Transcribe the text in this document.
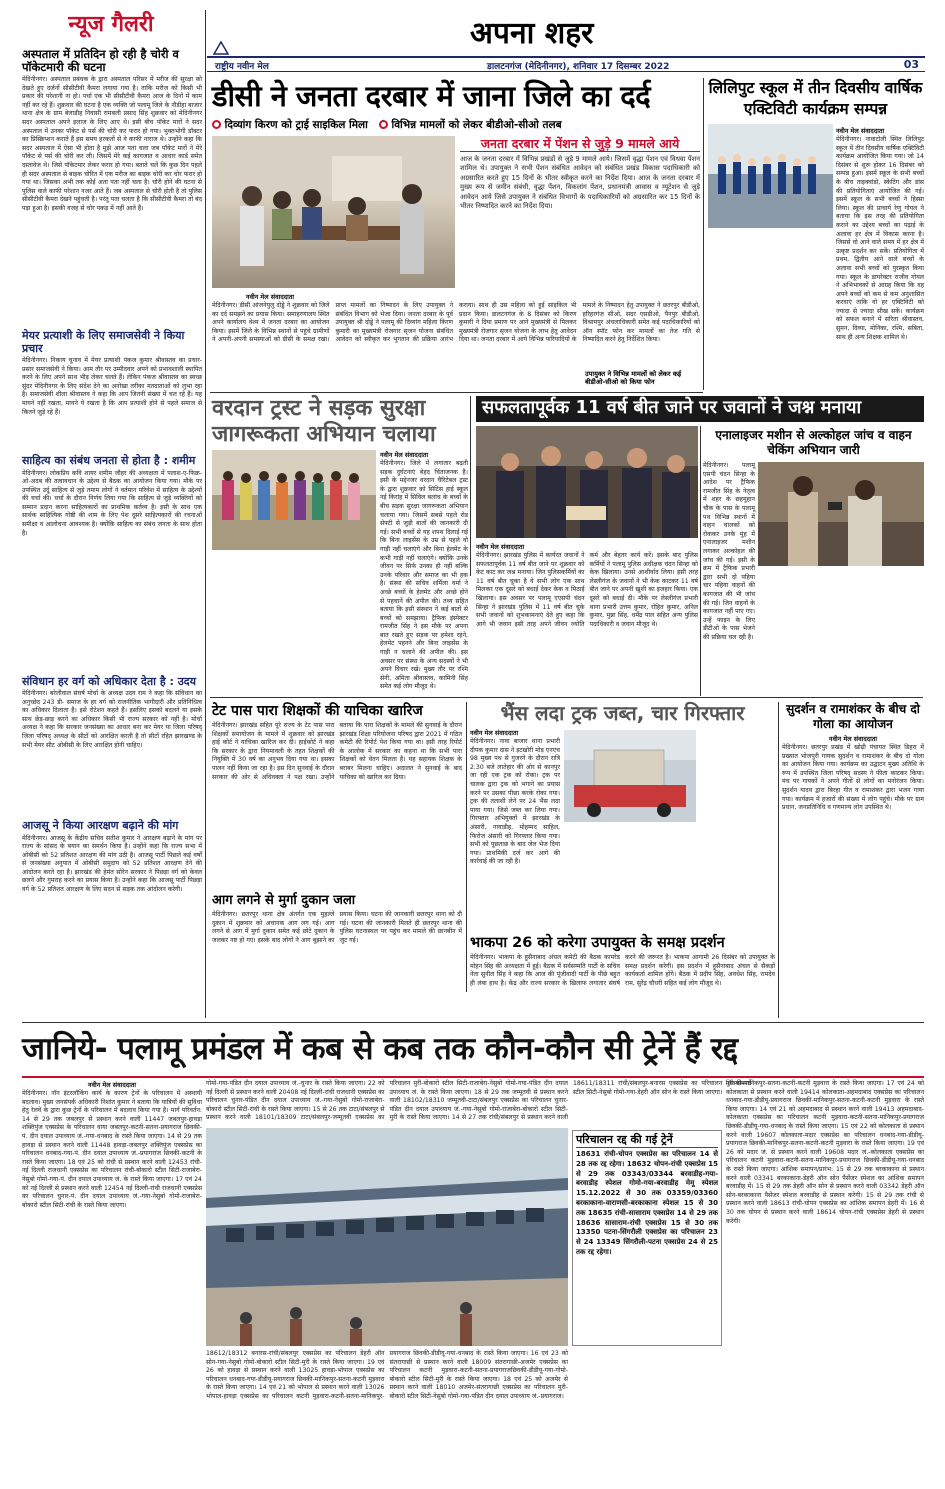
न्यूज गैलरी	अपना शहर
राष्ट्रीय नवीन मेल	डालटनगंज (मेदिनीनगर), शनिवार 17 दिसम्बर 2022	03
अस्पताल में प्रतिदिन हो रही है चोरी व पॉकेटमारी की घटना
मेदिनीनगर। अस्पताल प्रबंधक के द्वारा अस्पताल परिसर में मरीज की सुरक्षा को देखते हुए दर्जनों सीसीटीवी कैमरा लगाया गया है। ताकि मरीज को किसी भी प्रकार की परेशानी ना हो। पर्चा एक भी सीसीटीवी कैमरा आज के दिनों में काम नहीं कर रहे हैं। शुक्रवार की घटना है एक व्यक्ति जो पलामू जिले के नौडीहा बाजार थाना क्षेत्र के ग्राम बेलाडीह निवासी रामबली प्रसाद सिंह शुक्रवार को मेदिनीनगर सदर अस्पताल अपने इलाज के लिए आए थे। इसी बीच पॉकेट मारों ने सदर अस्पताल में उनका पॉकेट से पर्स की चोरी कर फरार हो गया। भुक्तभोगी डॉक्टर का प्रिस्क्रिप्शन कराते हैं इस समय हरकतों से वे काफी नाराज थे। उन्होंने कहा कि सदर अस्पताल में ऐसा भी होता है मुझे आज पता चला जब पॉकेट मारों ने मेरे पॉकेट से पर्स की चोरी कर ली। जिसमें मेरे कई कागजात व आधार कार्ड समेत दस्तावेज थे। जिसे पॉकेटमार लेकर फरार हो गया। बताते चलें कि कुछ दिन पहले ही सदर अस्पताल से बाइक चोरित में एक मरीज का बाइक चोरी कर चोर फरार हो गया था। जिसका अभी तक कोई अता पता नहीं चला है। चोरी होने की घटना से पुलिस वाले काफी परेशान नजर आते हैं। जब अस्पताल से चोरी होती है तो पुलिस सीसीटीवी कैमरा देखने पहुंचती है। परंतु पता चलता है कि सीसीटीवी कैमरा तो बंद पड़ा हुआ है। इसकी वजह से चोर पकड़ में नहीं आते हैं।
मेयर प्रत्याशी के लिए समाजसेवी ने किया प्रचार
मेदिनीनगर। निकाय चुनाव में मेयर प्रत्याशी पंकज कुमार श्रीवास्तव का प्रचार-प्रसार समाजसेवी ने किया। आम तौर पर उम्मीदवार अपने को प्रभावशाली स्थापित करने के लिए अपने साथ भीड़ लेकर चलते हैं। लेकिन पंकज श्रीवास्तव का स्वच्छ सुंदर मेदिनीनगर के लिए संदेश देने का अनोखा तरीका मतदाताओं को लुभा रहा है। समाजसेवी शीला श्रीवास्तव ने कहा कि आप जितनी संख्या में चल रहे हैं। यह मायने नहीं रखता, मायने ये रखता है कि आप प्रत्याशी होने से पहले समाज से कितने जुड़े रहे हैं।
साहित्य का संबंध जनता से होता है : शमीम
मेदिनीनगर। लोकप्रिय कवि शायर शमीम जौहर की अध्यक्षता में पलाश-ए-फिक्र-ओ-अदब की तत्वावधान के उद्देश्य से बैठक का आयोजन किया गया। मौके पर उपस्थित उर्दू साहित्य से जुड़े तमाम लोगों ने वर्तमान परिवेश में साहित्य के उद्देश्यों की चर्चा की। चर्चा के दौरान निर्णय लिया गया कि साहित्य से जुड़े व्यक्तियों को सम्मान प्रदान करना साहित्यकारों का प्राथमिक कर्तव्य है। इसी के साथ एक सार्थक साहित्यिक गोष्ठी की शाम के लिए पेश दूसरे साहित्यकारों की रचनाओं समीक्षा व आलोचना आवश्यक है। क्योंकि साहित्य का संबंध जनता के साथ होता है।
संविधान हर वर्ग को अधिकार देता है : उदय
मेदिनीनगर। बरेलीवाल संघर्ष मोर्चा के अध्यक्ष उदय राम ने कहा कि संविधान का अनुच्छेद 243 डी- समाज के हर वर्ग को राजनीतिक भागीदारी और प्रतिनिधित्व का अधिकार दिलाता है। इसे रोटेशन कहते हैं। इसलिए इसको बदलने या इसके साथ छेड़-छाड़ करने का अधिकार किसी भी राज्य सरकार को नहीं है। मोर्चा अध्यक्ष ने कहा कि सरकार जनसंख्या का आधार बना कर मेयर या जिला परिषद् जिला परिषद् अध्यक्ष के सीटों को आरक्षित करती है तो सीटों रहित झारखण्ड के सभी मेयर सीट ओबीसी के लिए आरक्षित होनी चाहिए।
आजसू ने किया आरक्षण बढ़ाने की मांग
मेदिनीनगर। आजसू के केंद्रीय सचिव सतीश कुमार ने आरक्षण बढ़ाने के मांग पर राज्य के सांसद के बयान का समर्थन किया है। उन्होंने कहा कि राज्य सभा में ओबीसी को 52 प्रतिशत आरक्षण की मांग उठी है। आजसू पार्टी पिछले कई वर्षों से जनसंख्या अनुपात में ओबीसी समुदाय को 52 प्रतिशत आरक्षण देने की आंदोलन करते रहा है। झारखंड की हेमंत सोरेन सरकार ने पिछड़ा वर्ग को केवल छलने और गुमराह करने का प्रयास किया है। उन्होंने कहा कि आजसू पार्टी पिछड़ा वर्ग के 52 प्रतिशत आरक्षण के लिए सदन से सड़क तक आंदोलन करेगी।
डीसी ने जनता दरबार में जाना जिले का दर्द
दिव्यांग किरण को ट्राई साइकिल मिला विभिन्न मामलों को लेकर बीडीओ-सीओ तलब
जनता दरबार में पेंशन से जुड़े 9 मामले आये
आज के जनता दरबार में विभिन्न प्रखंडों से जुड़े 9 मामले आये। जिसमें वृद्धा पेंशन एवं विधवा पेंशन शामिल थे। उपायुक्त ने सभी पेंशन संबंधित आवेदन को संबंधित प्रखंड विकास पदाधिकारी को अग्रसारित करते हुए 15 दिनों के भीतर स्वीकृत करने का निर्देश दिया। आज के जनता दरबार में मुख्य रूप से जमीन संबंधी, वृद्धा पेंशन, विकलांग पेंशन, प्रधानमंत्री आवास व म्यूटेशन से जुड़े आवेदन आये जिसे उपायुक्त ने संबंधित विभागों के पदाधिकारियों को अग्रसारित कर 15 दिनों के भीतर निष्पादित करने का निर्देश दिया।
नवीन मेल संवाददाता
मेदिनीनगर। डीसी आंजनेयुलु दोड्डे ने शुक्रवार को जिले का दर्द समझने का प्रयास किया। समाहरणालय स्थित अपने कार्यालय वेश्म में जनता दरबार का आयोजन किया। इसमें जिले के विभिन्न स्थानों से पहुंचे ग्रामीणों ने अपनी-अपनी समस्याओं को डीसी के समक्ष रखा। प्राप्त मामलों का निष्पादन के लिए उपायुक्त ने संबंधित विभाग को भेजा दिया। जनता दरबार के पूर्व उपायुक्त श्री दोड्डे ने पलामू की दिव्यांग महिला किरण कुमारी का मुख्यमंत्री रोजगार सृजन योजना संबंधित आवेदन को स्वीकृत कर भुगतान की प्रक्रिया आरंभ कराया। साथ ही उस महिला को हुई साइकिल भी प्रदान किया। डालटनगंज के 8 दिसंबर को किरण कुमारी ने दिया प्रमाण पर आने मुख्यमंत्री से मिलकर मुख्यमंत्री रोजगार सृजन योजना के लाभ हेतु आवेदन दिया था। जनता दरबार में आये विभिन्न फरियादियों के मामले के निष्पादन हेतु उपायुक्त ने छतरपुर बीडीओ, हरिहरगंज सीओ, सदर एसडीओ, पैनपुर बीडीओ, विश्रामपुर अंचलाधिकारी समेत कई पदाधिकारियों को ऑन स्पॉट फोन कर मामलों का तेज गति से निष्पादित करने हेतु निर्देशित किया।
उपायुक्त ने विभिन्न मामलों को लेकर कई बीडीओ-सीओ को किया फोन
लिलिपुट स्कूल में तीन दिवसीय वार्षिक एक्टिविटी कार्यक्रम सम्पन्न
नवीन मेल संवाददाता
मेदिनीनगर। नावाटोली स्थित लिलिपुट स्कूल में तीन दिवसीय वार्षिक एक्टिविटी कार्यक्रम आयोजित किया गया। जो 14 दिसंबर से शुरू होकर 16 दिसंबर को सम्पन्न हुआ। इसमें स्कूल के सभी बच्चों के बीच ताइक्वांडो, स्केटिंग और डांस की प्रतियोगिताएं आयोजित की गई। इसमें स्कूल के सभी बच्चों ने हिस्सा लिया। स्कूल की प्राचार्य रेणु गोयल ने बताया कि इस तरह की प्रतियोगिता कराने का उद्देश्य बच्चों का पढ़ाई के अलावा हर क्षेत्र में विकास करना है। जिससे वो आने वाले समय में हर क्षेत्र में उत्कृष्ट प्रदर्शन कर सकें। प्रतियोगिता में प्रथम, द्वितीय आने वाले बच्चों के अलावा सभी बच्चों को पुरस्कृत किया गया। स्कूल के डायरेक्टर राजीव गोयल ने अभिभावकों से आग्रह किया कि वह अपने बच्चों को कम से कम अनुशासित करवाएं ताकि वो हर एक्टिविटी को ज्यादा से ज्यादा सीख सकें। कार्यक्रम को सफल बनाने में सरिता श्रीवास्तव, सुमन, दिव्या, मोनिका, रश्मि, सबिता, साथ ही अन्य शिक्षक शामिल थे।
वरदान ट्रस्ट ने सड़क सुरक्षा जागरूकता अभियान चलाया
नवीन मेल संवाददाता
मेदिनीनगर। जिले में लगातार बढ़ती सड़क दुर्घटनाएं बेहद चिंताजनक है। इसी के मद्देनजर वरदान चैरिटेबल ट्रस्ट के द्वारा शुक्रवार को सिटिस हाई स्कूल नई किरांह में सिविल बलांच के बच्चों के बीच सड़क सुरक्षा जागरूकता अभियान चलाया गया। जिसमें सबसे पहले रोड सेफ्टी से जुड़ी बातों की जानकारी दी गई। सभी बच्चों से यह शपथ दिलाई गई कि बिना लाइसेंस के उम्र से पहले वो गाड़ी नहीं चलाएंगे और बिना हेलमेट के कभी गाड़ी नहीं चलाएंगे। क्योंकि उनके जीवन पर सिर्फ उनका ही नहीं बल्कि उनके परिवार और समाज का भी हक है। संस्था की सचिव शर्मिला वर्मा ने अच्छे बच्चों के हेलमेट और अच्छे होने से पहचानें की अपील की। तथ्य सहित बताया कि इसी संस्थान ने कई बातों से बच्चों को समझाया। ट्रैफिक इंस्पेक्टर रामजीत सिंह ने इस मौके पर अपना बात रखते हुए सड़क पर हमेशा रहने, हेलमेट पहनने और बिना लाइसेंस के गाड़ी न चलाने की अपील की। इस अवसर पर संस्था के अन्य सदस्यों ने भी अपने विचार रखे। मुख्य तौर पर रश्मि सेनी, अमिता श्रीवास्तव, कामिनी सिंह समेत कई लोग मौजूद थे।
सफलतापूर्वक 11 वर्ष बीत जाने पर जवानों ने जश्न मनाया
एनालाइजर मशीन से अल्कोहल जांच व वाहन चेकिंग अभियान जारी
मेदिनीनगर। पलामू एसपी चंदन सिन्हा के आदेश पर ट्रैफिक रामजीत सिंह के नेतृत्व में शहर के छहमुहान चौक के पास के पलामू पथ विभिन्न स्थानों में वाहन चालकों को रोककर उनके मुंह में एनालाइजर मशीन लगाकर अल्कोहल की जांच की गई। इसी के क्रम में ट्रैफिक प्रभारी द्वारा सभी दो पहिया चार पहिया वाहनों की कागजात की भी जांच की गई। जिन वाहनों के कागजात नहीं पाए गए। उन्हें फाइन के लिए डीटीओ के पास भेजने की प्रक्रिया चल रही है।
नवीन मेल संवाददाता
मेदिनीनगर। झारखंड पुलिस में कार्यरत जवानों ने सफलतापूर्वक 11 वर्ष बीत जाने पर शुक्रवार को केट काट कर जश्न मनाया। जिन पुलिसकर्मियों का 11 वर्ष बीत चुका है वे सभी लोग एक साथ मिलकर एक दूसरे को बधाई देकर केक व मिठाई खिलाया। इस अवसर पर पलामू एएसपी चंदन सिन्हा ने झारखंड पुलिस में 11 वर्ष बीत चुके सभी जवानों को शुभकामनाएं देते हुए कहा कि आगे भी जवान इसी तरह अपने जीवन ज्योति कर्म और बेहतर कार्य करें। इसके बाद पुलिस कर्मियों ने पलामू पुलिस अधीक्षक चंदन सिन्हा को केक खिलाया। उनसे आशीर्वाद लिया। इसी तरह लेस्लीगंज के जवानों ने भी केक काटकर 11 वर्ष बीत जाने पर अपनी खुशी का इजहार किया। एक दूसरे को बधाई दी। मौके पर लेस्लीगंज प्रभारी थाना प्रभारी उत्तम कुमार, रोहित कुमार, अनिल कुमार, मुन्ना सिंह, धर्मेंद्र पाल सहित अन्य पुलिस पदाधिकारी व जवान मौजूद थे।
टेट पास पारा शिक्षकों की याचिका खारिज
मेदिनीनगर। झारखंड सहित पूरे राज्य के टेट पास पारा शिक्षकों समायोजन के मामले में शुक्रवार को झारखंड हाई कोर्ट ने याचिका खारिज कर दी। हाईकोर्ट ने कहा कि सरकार के द्वारा नियमावली के तहत शिक्षकों की नियुक्ति में 30 वर्ष का अनुभव दिया गया था। इसका पालन नहीं किया जा रहा है। इस दिन सुनवाई के दौरान सरकार की ओर से अधिवक्ता ने पक्ष रखा। उन्होंने बताया कि पारा शिक्षकों के मामले की सुनवाई के दौरान झारखंड शिक्षा परियोजना परिषद द्वारा 2021 में गठित कमेटी की रिपोर्ट पेश किया गया था। इसी तरह रिपोर्ट के आलोक में सरकार का कहना था कि सभी पारा शिक्षकों को वेतन मिलता है। यह सहायक शिक्षक के बराबर मिलना चाहिए। अदालत ने सुनवाई के बाद याचिका को खारिज कर दिया।
आग लगने से मुर्गा दुकान जला
मेदिनीनगर। छतरपुर थाना क्षेत्र अंतर्गत एक मुहल्ले दुकान में शुक्रवार को अचानक आग लग गई। आग लगने से आग में मुर्गा दुकान समेत कई छोटे दुकान के जलकर नष्ट हो गए। इसके बाद लोगों ने आग बुझाने का प्रयास किया। घटना की जानकारी छतरपुर थाना को दी गई। घटना की जानकारी मिलते ही छतरपुर थाना की पुलिस घटनास्थल पर पहुंच कर मामले की छानबीन में जुट गई।
भैंस लदा ट्रक जब्त, चार गिरफ्तार
नवीन मेल संवाददाता
मेदिनीनगर। नावा बाजार थाना प्रभारी दीपक कुमार दास ने इटखोरी मोड़ एनएच 98 मुख्य पथ से गुजरने के दौरान रात्रि 2.30 बजे लातेहार की ओर से कानपुर जा रही एक ट्रक को रोका। ट्रक पर चालक द्वारा ट्रक को भगाने का प्रयास करने पर उसका पीछा करके रोका गया। ट्रक की तलाशी लेने पर 24 भैंस लदा पाया गया। जिसे जब्त कर लिया गया। गिरफ्तार अभियुक्तों में झारखंड के अंसारी, नावाडीह, मोहम्मद साहिल, फिरोज अंसारी को गिरफ्तार किया गया। सभी को पूछताछ के बाद जेल भेज दिया गया। प्राथमिकी दर्ज कर आगे की कार्रवाई की जा रही है।
भाकपा 26 को करेगा उपायुक्त के समक्ष प्रदर्शन
मेदिनीनगर। भाकपा के हुसैनाबाद अंचल कमेटी की बैठक कामरेड मोहन सिंह की अध्यक्षता में हुई। बैठक में सर्वसम्मति पार्टी के सचिव नेता सुनील सिंह ने कहा कि आज की पूंजीवादी पार्टी के पीछे बहुत ही लंबा हाथ है। केंद्र और राज्य सरकार के खिलाफ लगातार संघर्ष करने की जरूरत है। भाकपा आगामी 26 दिसंबर को उपायुक्त के समक्ष प्रदर्शन करेगी। इस प्रदर्शन में हुसैनाबाद अंचल से सैकड़ों कार्यकर्ता शामिल होंगे। बैठक में प्रदीप सिंह, अवधेश सिंह, रामदेव राम, सुरेंद्र चौधरी सहित कई लोग मौजूद थे।
सुदर्शन व रामाशंकर के बीच दो गोला का आयोजन
नवीन मेल संवाददाता
मेदिनीनगर। छतरपुर प्रखंड में खोढ़ी पंचायत स्थित डिहरा में प्रख्यात भोजपुरी गायक सुदर्शन व रामाशंकर के बीच दो गोला का आयोजन किया गया। कार्यक्रम का उद्घाटन मुख्य अतिथि के रूप में उपस्थित जिला परिषद् सदस्य ने फीता काटकर किया। मंच पर गायकों ने अपने गीतों से लोगों का मनोरंजन किया। सुदर्शन यादव द्वारा बिरहा गीत व रामाशंकर द्वारा भजन गाया गया। कार्यक्रम में हजारों की संख्या में लोग पहुंचे। मौके पर ग्राम प्रधान, जनप्रतिनिधि व गणमान्य लोग उपस्थित थे।
जानिये- पलामू प्रमंडल में कब से कब तक कौन-कौन सी ट्रेनें हैं रद्द
नवीन मेल संवाददाता
मेदिनीनगर। नॉन इंटरलॉकिंग कार्य के कारण ट्रेनों के परिचालन में अस्थायी बदलाव। मुख्य जनसंपर्क अधिकारी निशांत कुमार ने बताया कि यात्रियों की सुविधा हेतु रेलवे के द्वारा कुछ ट्रेनों के परिचालन में बदलाव किया गया है। मार्ग परिवर्तन: 14 से 29 तक जबलपुर से प्रस्थान करने वाली 11447 जबलपुर-हावड़ा शक्तिपुंज एक्सप्रेस के परिचालन वाया जबलपुर-कटनी-सतना-प्रयागराज छिवकी-पं. दीन दयाल उपाध्याय जं.-गया-धनबाद के रास्ते किया जाएगा। 14 से 29 तक हावड़ा से प्रस्थान करने वाली 11448 हावड़ा-जबलपुर शक्तिपुंज एक्सप्रेस का परिचालन धनबाद-गया-पं. दीन दयाल उपाध्याय जं.-प्रयागराज छिवकी-कटनी के रास्ते किया जाएगा। 18 एवं 25 को रांची से प्रस्थान करने वाली 12453 रांची-नई दिल्ली राजधानी एक्सप्रेस का परिचालन रांची-बोकारो स्टील सिटी-राजाबेरा-नेसुबो गोमो-गया-पं. दीन दयाल उपाध्याय जं. के रास्ते किया जाएगा। 17 एवं 24 को नई दिल्ली से प्रस्थान करने वाली 12454 नई दिल्ली-रांची राजधानी एक्सप्रेस का परिचालन चुनार-पं. दीन दयाल उपाध्याय जं.-गया-नेसुबो गोमो-राजाबेरा-बोकारो स्टील सिटी-रांची के रास्ते किया जाएगा।
गोमो-गया-पंडित दीन दयाल उपाध्याय जं.-चुनार के रास्ते किया जाएगा। 22 को नई दिल्ली से प्रस्थान करने वाली 20408 नई दिल्ली-रांची राजधानी एक्सप्रेस का परिचालन चुनार-पंडित दीन दयाल उपाध्याय जं.-गया-नेसुबो गोमो-राजाबेरा-बोकारो स्टील सिटी-रांची के रास्ते किया जाएगा। 15 से 26 तक टाटा/संबलपुर से प्रस्थान करने वाली 18101/18309 टाटा/संबलपुर-जम्मूतवी एक्सप्रेस का परिचालन मुरी-बोकारो स्टील सिटी-राजाबेरा-नेसुबो गोमो-गया-पंडित दीन दयाल उपाध्याय जं. के रास्ते किया जाएगा। 18 से 29 तक जम्मूतवी से प्रस्थान करने वाली 18102/18310 जम्मूतवी-टाटा/संबलपुर एक्सप्रेस का परिचालन चुनार-पंडित दीन दयाल उपाध्याय जं.-गया-नेसुबो गोमो-राजाबेरा-बोकारो स्टील सिटी-मुरी के रास्ते किया जाएगा। 14 से 27 तक रांची/संबलपुर से प्रस्थान करने वाली 18611/18311 रांची/संबलपुर-बनारस एक्सप्रेस का परिचालन मुरी-बोकारो स्टील सिटी-नेसुबो गोमो-गया-डेहरी ऑन सोन के रास्ते किया जाएगा।
18612/18312 बनारस-रांची/संबलपुर एक्सप्रेस का परिचालन डेहरी ऑन सोन-गया-नेसुबो गोमो-बोकारो स्टील सिटी-मुरी के रास्ते किया जाएगा। 19 एवं 26 को हावड़ा से प्रस्थान करने वाली 13025 हावड़ा-भोपाल एक्सप्रेस का परिचालन धनबाद-गया-डीडीयू-प्रयागराज छिवकी-मानिकपुर-सतना-कटनी मुड़वारा के रास्ते किया जाएगा। 14 एवं 21 को भोपाल से प्रस्थान करने वाली 13026 भोपाल-हावड़ा एक्सप्रेस का परिचालन कटनी मुड़वारा-कटनी-सतना-मानिकपुर-प्रयागराज छिवकी-डीडीयू-गया-धनबाद के रास्ते किया जाएगा। 16 एवं 23 को संतरागाछी से प्रस्थान करने वाली 18009 संतरागाछी-अजमेर एक्सप्रेस का परिचालन कटनी मुड़वारा-कटनी-सतना-प्रयागराजछिवकी-डीडीयू-गया-गोमो-बोकारो स्टील सिटी-मुरी के रास्ते किया जाएगा। 18 एवं 25 को अजमेर से प्रस्थान करने वाली 18010 अजमेर-संतरागाछी एक्सप्रेस का परिचालन मुरी-बोकारो स्टील सिटी-नेसुबो गोमो-गया-पंडित दीन दयाल उपाध्याय जं.-प्रयागराज।
परिचालन रद्द की गई ट्रेनें
18631 रांची-चोपन एक्सप्रेस का परिचालन 14 से 28 तक रद्द रहेगा। 18632 चोपन-रांची एक्सप्रेस 15 से 29 तक 03343/03344 बरवाडीह-गया-बरवाडीह स्पेशल गोमो-गया-बरवाडीह मेमू स्पेशल 15.12.2022 से 30 तक 03359/03360 बरकाकाना-वाराणसी-बरकाकाना स्पेशल 15 से 30 तक 18635 रांची-सासाराम एक्सप्रेस 14 से 29 तक 18636 सासाराम-रांची एक्सप्रेस 15 से 30 तक 13350 पटना-सिंगरौली एक्सप्रेस का परिचालन 23 से 24 13349 सिंगरौली-पटना एक्सप्रेस 24 से 25 तक रद्द रहेगा।
छिवकी-मानिकपुर-सतना-कटनी-कटनी मुड़वारा के रास्ते किया जाएगा। 17 एवं 24 को कोलकाता से प्रस्थान करने वाली 19414 कोलकाता-अहमदाबाद एक्सप्रेस का परिचालन धनबाद-गया-डीडीयू-प्रयागराज छिवकी-मानिकपुर-सतना-कटनी-कटनी मुड़वारा के रास्ते किया जाएगा। 14 एवं 21 को अहमदाबाद से प्रस्थान करने वाली 19413 अहमदाबाद-कोलकाता एक्सप्रेस का परिचालन कटनी मुड़वारा-कटनी-सतना-मानिकपुर-प्रयागराज छिवकी-डीडीयू-गया-धनबाद के रास्ते किया जाएगा। 15 एवं 22 को कोलकाता से प्रस्थान करने वाली 19607 कोलकाता-मदार एक्सप्रेस का परिचालन धनबाद-गया-डीडीयू-प्रयागराज छिवकी-मानिकपुर-सतना-कटनी-कटनी मुड़वारा के रास्ते किया जाएगा। 19 एवं 26 को मदार जं. से प्रस्थान करने वाली 19608 मदार जं.-कोलकाता एक्सप्रेस का परिचालन कटनी मुड़वारा-कटनी-सतना-मानिकपुर-प्रयागराज छिवकी-डीडीयू-गया-धनबाद के रास्ते किया जाएगा। आंशिक समापन/प्रारंभ: 15 से 29 तक बरकाकाना से प्रस्थान करने वाली 03341 बरकाकाना-डेहरी ऑन सोन पैसेंजर स्पेशल का आंशिक समापन बरवाडीह में। 15 से 29 तक डेहरी ऑन सोन से प्रस्थान करने वाली 03342 डेहरी ऑन सोन-बरकाकाना पैसेंजर स्पेशल बरवाडीह से प्रस्थान करेगी। 15 से 29 तक रांची से प्रस्थान करने वाली 18613 रांची-चोपन एक्सप्रेस का आंशिक समापन डेहरी में। 16 से 30 तक चोपन से प्रस्थान करने वाली 18614 चोपन-रांची एक्सप्रेस डेहरी से प्रस्थान करेगी।
